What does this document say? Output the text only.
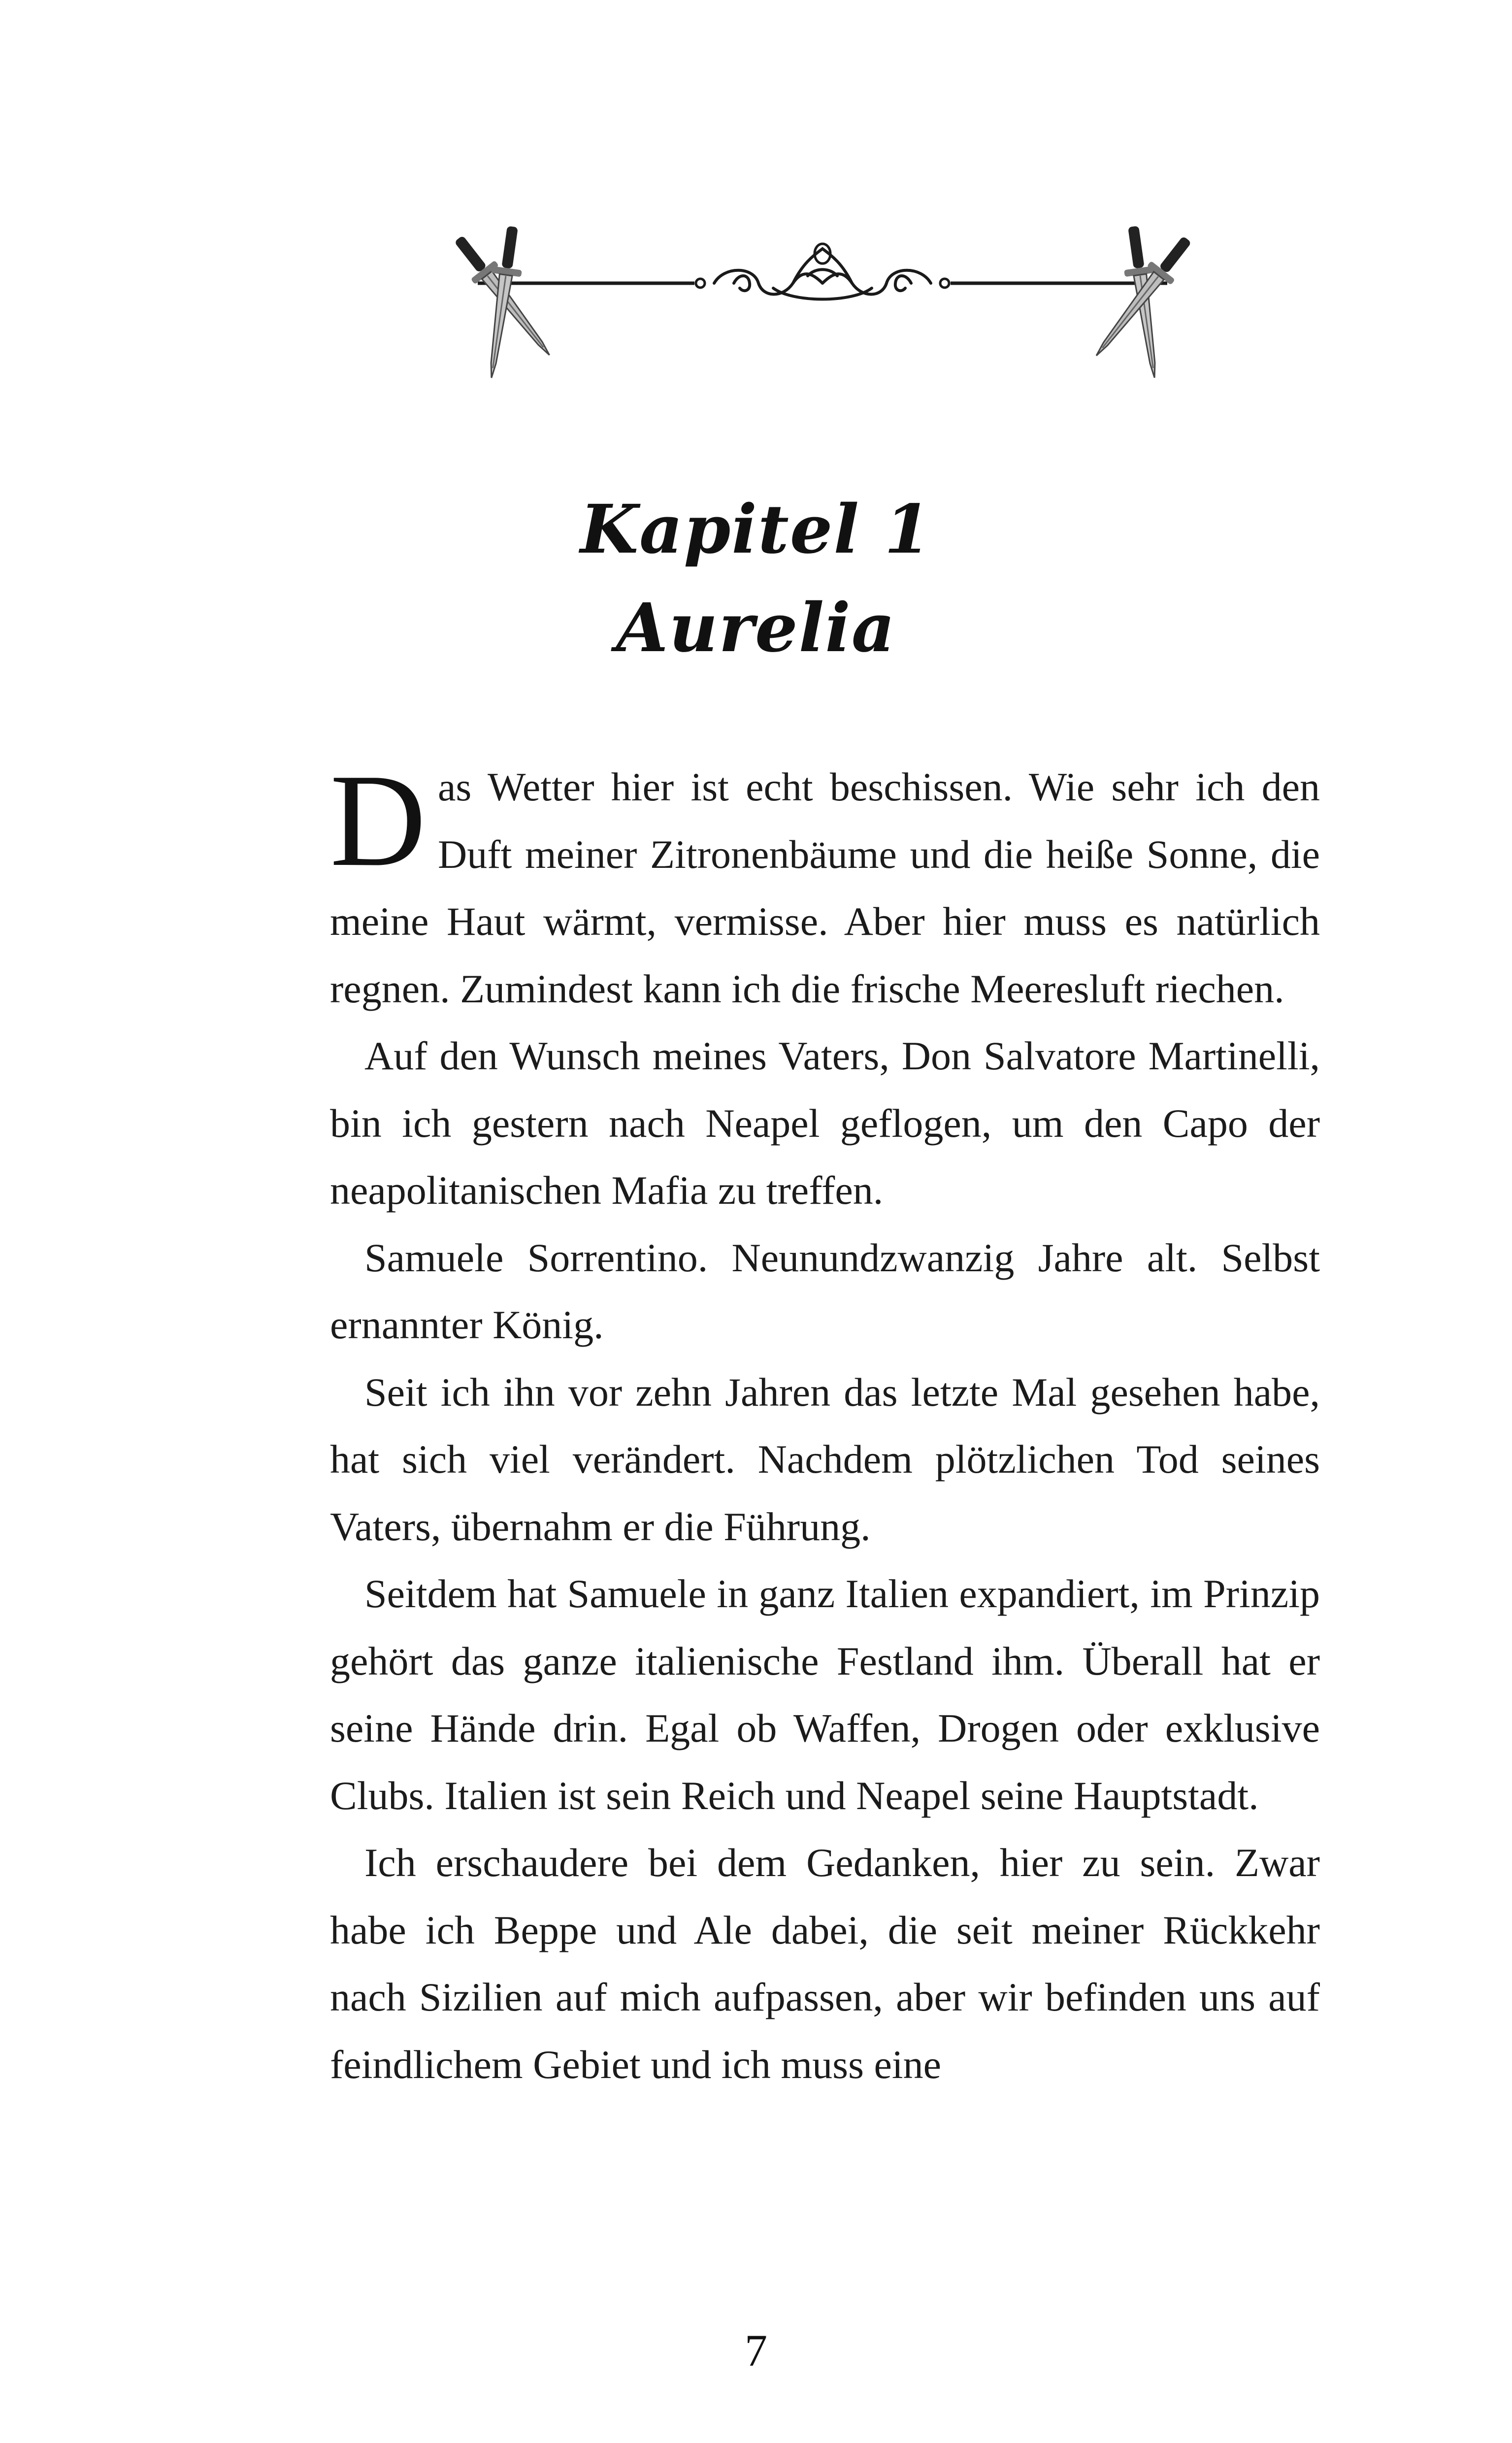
Kapitel 1
Aurelia

Das Wetter hier ist echt beschissen. Wie sehr ich den Duft meiner Zitronenbäume und die heiße Sonne, die meine Haut wärmt, vermisse. Aber hier muss es natürlich regnen. Zumindest kann ich die frische Meeresluft riechen.

Auf den Wunsch meines Vaters, Don Salvatore Martinelli, bin ich gestern nach Neapel geflogen, um den Capo der neapolitanischen Mafia zu treffen.

Samuele Sorrentino. Neunundzwanzig Jahre alt. Selbst ernannter König.

Seit ich ihn vor zehn Jahren das letzte Mal gesehen habe, hat sich viel verändert. Nachdem plötzlichen Tod seines Vaters, übernahm er die Führung.

Seitdem hat Samuele in ganz Italien expandiert, im Prinzip gehört das ganze italienische Festland ihm. Überall hat er seine Hände drin. Egal ob Waffen, Drogen oder exklusive Clubs. Italien ist sein Reich und Neapel seine Hauptstadt.

Ich erschaudere bei dem Gedanken, hier zu sein. Zwar habe ich Beppe und Ale dabei, die seit meiner Rückkehr nach Sizilien auf mich aufpassen, aber wir befinden uns auf feindlichem Gebiet und ich muss eine

7
